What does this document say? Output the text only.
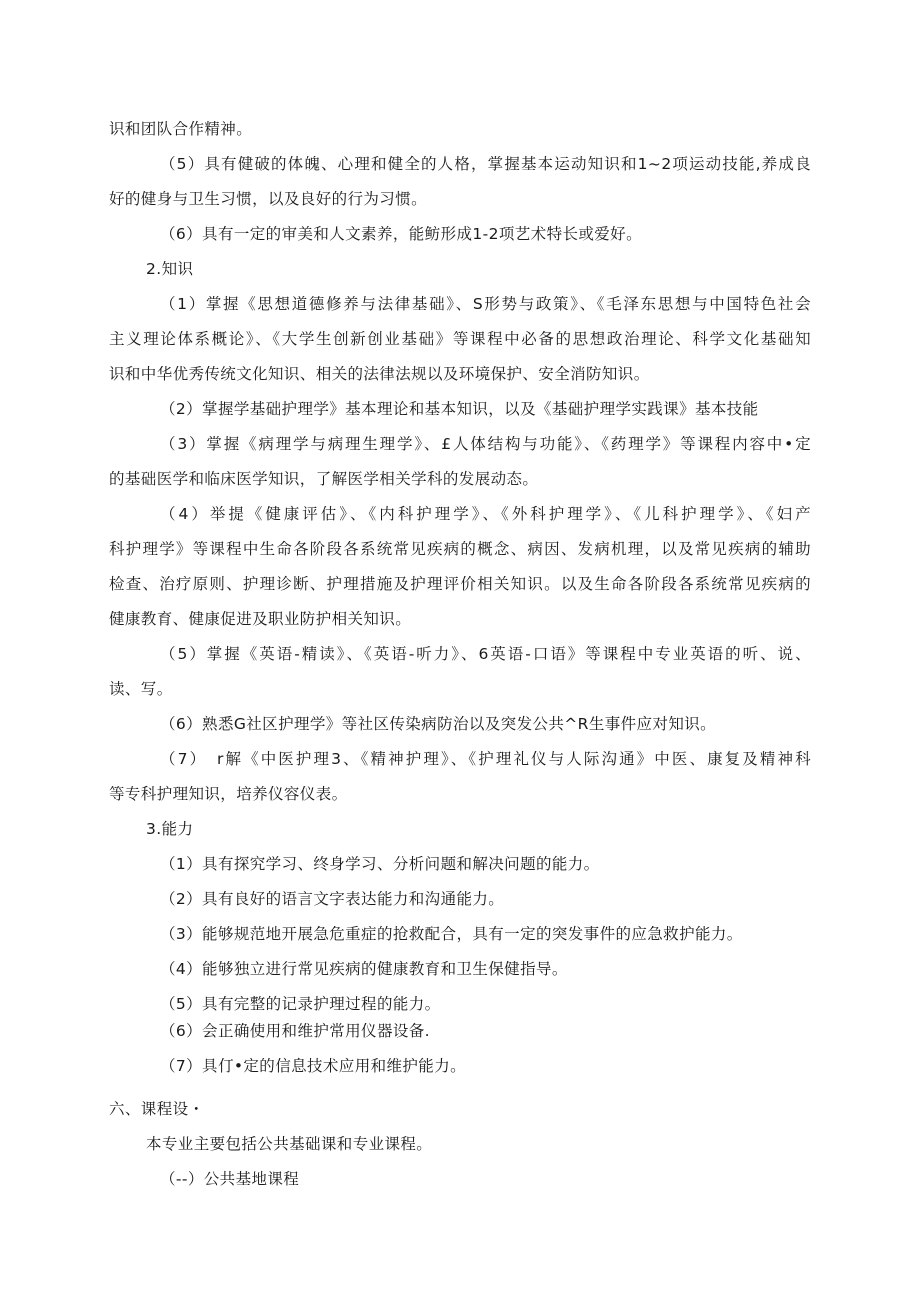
识和团队合作精神。

（5）具有健破的体魄、心理和健全的人格，掌握基本运动知识和1~2项运动技能,养成良

好的健身与卫生习惯，以及良好的行为习惯。

（6）具有一定的审美和人文素养，能鲂形成1-2项艺术特长或爱好。

2.知识

（1）掌握《思想道德修养与法律基础》、S形势与政策》、《毛泽东思想与中国特色社会

主义理论体系概论》、《大学生创新创业基础》等课程中必备的思想政治理论、科学文化基础知

识和中华优秀传统文化知识、相关的法律法规以及环境保护、安全消防知识。

（2）掌握学基础护理学》基本理论和基本知识，以及《基础护理学实践课》基本技能

（3）掌握《病理学与病理生理学》、£人体结构与功能》、《药理学》等课程内容中•定

的基础医学和临床医学知识，了解医学相关学科的发展动态。

（4）举提《健康评估》、《内科护理学》、《外科护理学》、《儿科护理学》、《妇产

科护理学》等课程中生命各阶段各系统常见疾病的概念、病因、发病机理，以及常见疾病的辅助

检查、治疗原则、护理诊断、护理措施及护理评价相关知识。以及生命各阶段各系统常见疾病的

健康教育、健康促进及职业防护相关知识。

（5）掌握《英语-精读》、《英语-听力》、6英语-口语》等课程中专业英语的听、说、

读、写。

（6）熟悉G社区护理学》等社区传染病防治以及突发公共^R生事件应对知识。

（7）　r解《中医护理3、《精神护理》、《护理礼仪与人际沟通》中医、康复及精神科

等专科护理知识，培养仪容仪表。

3.能力

（1）具有探究学习、终身学习、分析问题和解决问题的能力。

（2）具有良好的语言文字表达能力和沟通能力。

（3）能够规范地开展急危重症的抢救配合，具有一定的突发事件的应急救护能力。

（4）能够独立进行常见疾病的健康教育和卫生保健指导。

（5）具有完整的记录护理过程的能力。

（6）会正确使用和维护常用仪器设备.

（7）具仃•定的信息技术应用和维护能力。

六、课程设・

本专业主要包括公共基础课和专业课程。

（--）公共基地课程
